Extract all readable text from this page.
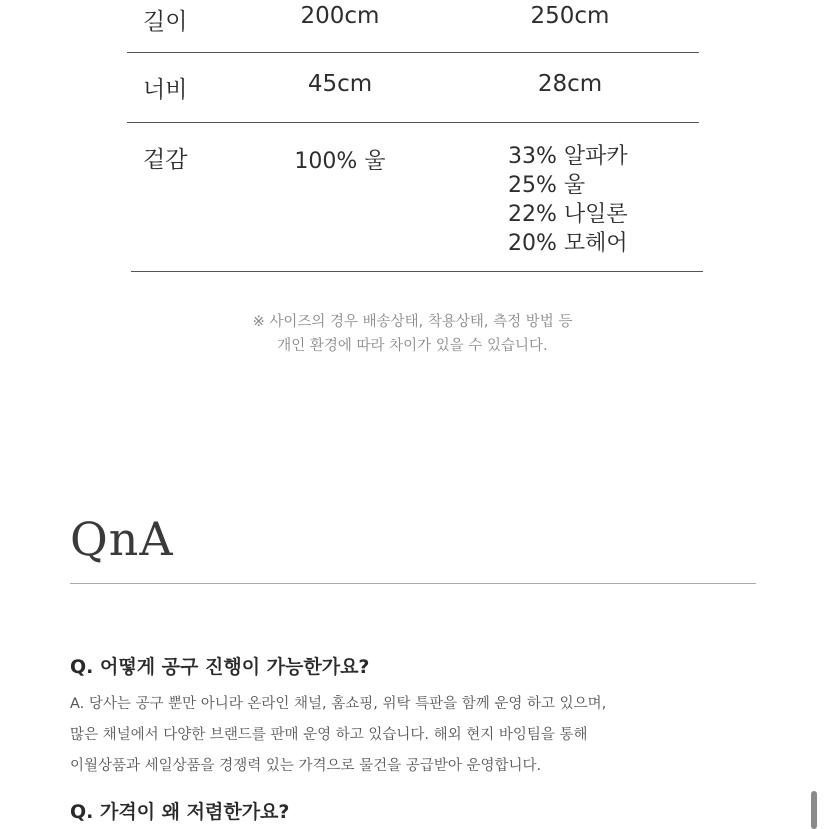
길이	200cm	250cm
너비	45cm	28cm
겉감	100% 울	33% 알파카
25% 울
22% 나일론
20% 모헤어
※ 사이즈의 경우 배송상태, 착용상태, 측정 방법 등
개인 환경에 따라 차이가 있을 수 있습니다.
QnA
Q. 어떻게 공구 진행이 가능한가요?
A. 당사는 공구 뿐만 아니라 온라인 채널, 홈쇼핑, 위탁 특판을 함께 운영 하고 있으며,
많은 채널에서 다양한 브랜드를 판매 운영 하고 있습니다. 해외 현지 바잉팀을 통해
이월상품과 세일상품을 경쟁력 있는 가격으로 물건을 공급받아 운영합니다.
Q. 가격이 왜 저렴한가요?
